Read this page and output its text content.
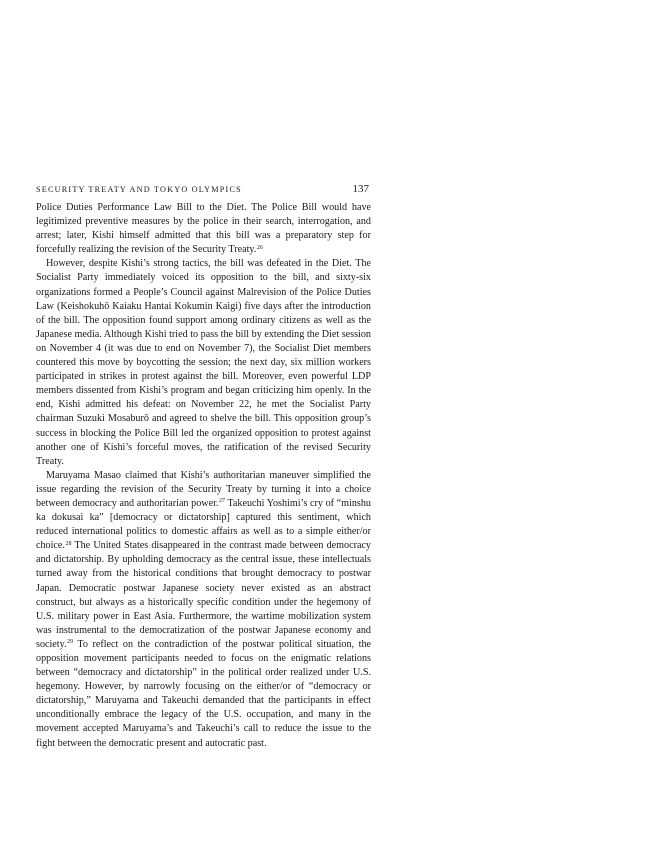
SECURITY TREATY AND TOKYO OLYMPICS	137

Police Duties Performance Law Bill to the Diet. The Police Bill would have legitimized preventive measures by the police in their search, interrogation, and arrest; later, Kishi himself admitted that this bill was a preparatory step for forcefully realizing the revision of the Security Treaty.$^{26}$

However, despite Kishi’s strong tactics, the bill was defeated in the Diet. The Socialist Party immediately voiced its opposition to the bill, and sixty-six organizations formed a People’s Council against Malrevision of the Police Duties Law (Keishokuhō Kaiaku Hantai Kokumin Kaigi) five days after the introduction of the bill. The opposition found support among ordinary citizens as well as the Japanese media. Although Kishi tried to pass the bill by extending the Diet session on November 4 (it was due to end on November 7), the Socialist Diet members countered this move by boycotting the session; the next day, six million workers participated in strikes in protest against the bill. Moreover, even powerful LDP members dissented from Kishi’s program and began criticizing him openly. In the end, Kishi admitted his defeat: on November 22, he met the Socialist Party chairman Suzuki Mosaburō and agreed to shelve the bill. This opposition group’s success in blocking the Police Bill led the organized opposition to protest against another one of Kishi’s forceful moves, the ratification of the revised Security Treaty.

Maruyama Masao claimed that Kishi’s authoritarian maneuver simplified the issue regarding the revision of the Security Treaty by turning it into a choice between democracy and authoritarian power.$^{27}$ Takeuchi Yoshimi’s cry of “minshu ka dokusai ka” [democracy or dictatorship] captured this sentiment, which reduced international politics to domestic affairs as well as to a simple either/or choice.$^{28}$ The United States disappeared in the contrast made between democracy and dictatorship. By upholding democracy as the central issue, these intellectuals turned away from the historical conditions that brought democracy to postwar Japan. Democratic postwar Japanese society never existed as an abstract construct, but always as a historically specific condition under the hegemony of U.S. military power in East Asia. Furthermore, the wartime mobilization system was instrumental to the democratization of the postwar Japanese economy and society.$^{29}$ To reflect on the contradiction of the postwar political situation, the opposition movement participants needed to focus on the enigmatic relations between “democracy and dictatorship” in the political order realized under U.S. hegemony. However, by narrowly focusing on the either/or of “democracy or dictatorship,” Maruyama and Takeuchi demanded that the participants in effect unconditionally embrace the legacy of the U.S. occupation, and many in the movement accepted Maruyama’s and Takeuchi’s call to reduce the issue to the fight between the democratic present and autocratic past.
